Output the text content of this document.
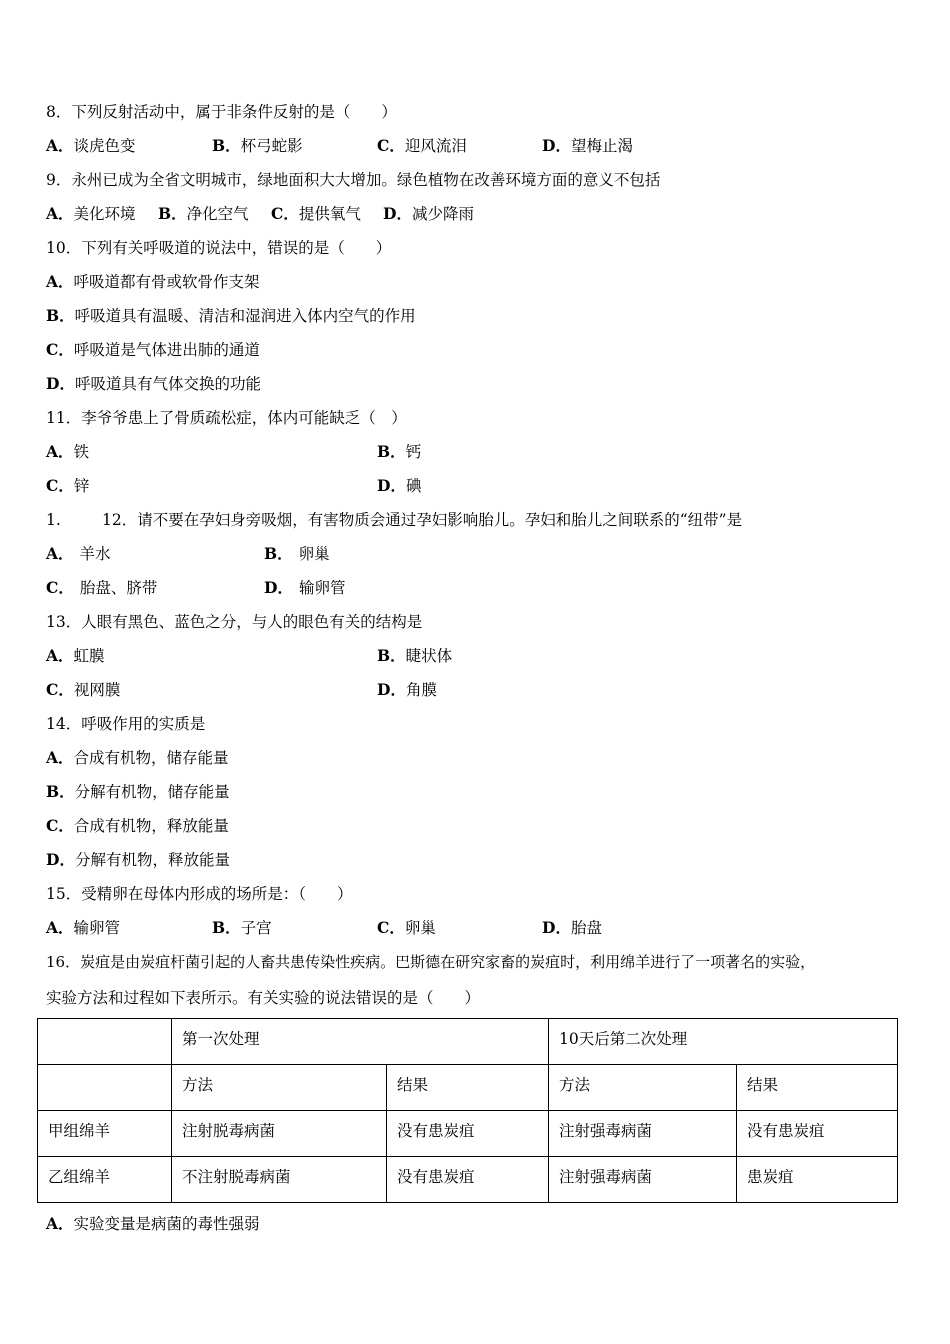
8．下列反射活动中，属于非条件反射的是（　　）
A．谈虎色变	B．杯弓蛇影	C．迎风流泪	D．望梅止渴
9．永州已成为全省文明城市，绿地面积大大增加。绿色植物在改善环境方面的意义不包括
A．美化环境 B．净化空气 C．提供氧气 D．减少降雨
10．下列有关呼吸道的说法中，错误的是（　　）
A．呼吸道都有骨或软骨作支架
B．呼吸道具有温暖、清洁和湿润进入体内空气的作用
C．呼吸道是气体进出肺的通道
D．呼吸道具有气体交换的功能
11．李爷爷患上了骨质疏松症，体内可能缺乏（　）
A．铁	B．钙
C．锌	D．碘
1.	12．请不要在孕妇身旁吸烟，有害物质会通过孕妇影响胎儿。孕妇和胎儿之间联系的“纽带”是
A． 羊水	B． 卵巢
C． 胎盘、脐带	D． 输卵管
13．人眼有黑色、蓝色之分，与人的眼色有关的结构是
A．虹膜	B．睫状体
C．视网膜	D．角膜
14．呼吸作用的实质是
A．合成有机物，储存能量
B．分解有机物，储存能量
C．合成有机物，释放能量
D．分解有机物，释放能量
15．受精卵在母体内形成的场所是：（　　）
A．输卵管	B．子宫	C．卵巢	D．胎盘
16．炭疽是由炭疽杆菌引起的人畜共患传染性疾病。巴斯德在研究家畜的炭疽时，利用绵羊进行了一项著名的实验，
实验方法和过程如下表所示。有关实验的说法错误的是（　　）
	第一次处理		10天后第二次处理	
	方法	结果	方法	结果
甲组绵羊	注射脱毒病菌	没有患炭疽	注射强毒病菌	没有患炭疽
乙组绵羊	不注射脱毒病菌	没有患炭疽	注射强毒病菌	患炭疽
A．实验变量是病菌的毒性强弱
